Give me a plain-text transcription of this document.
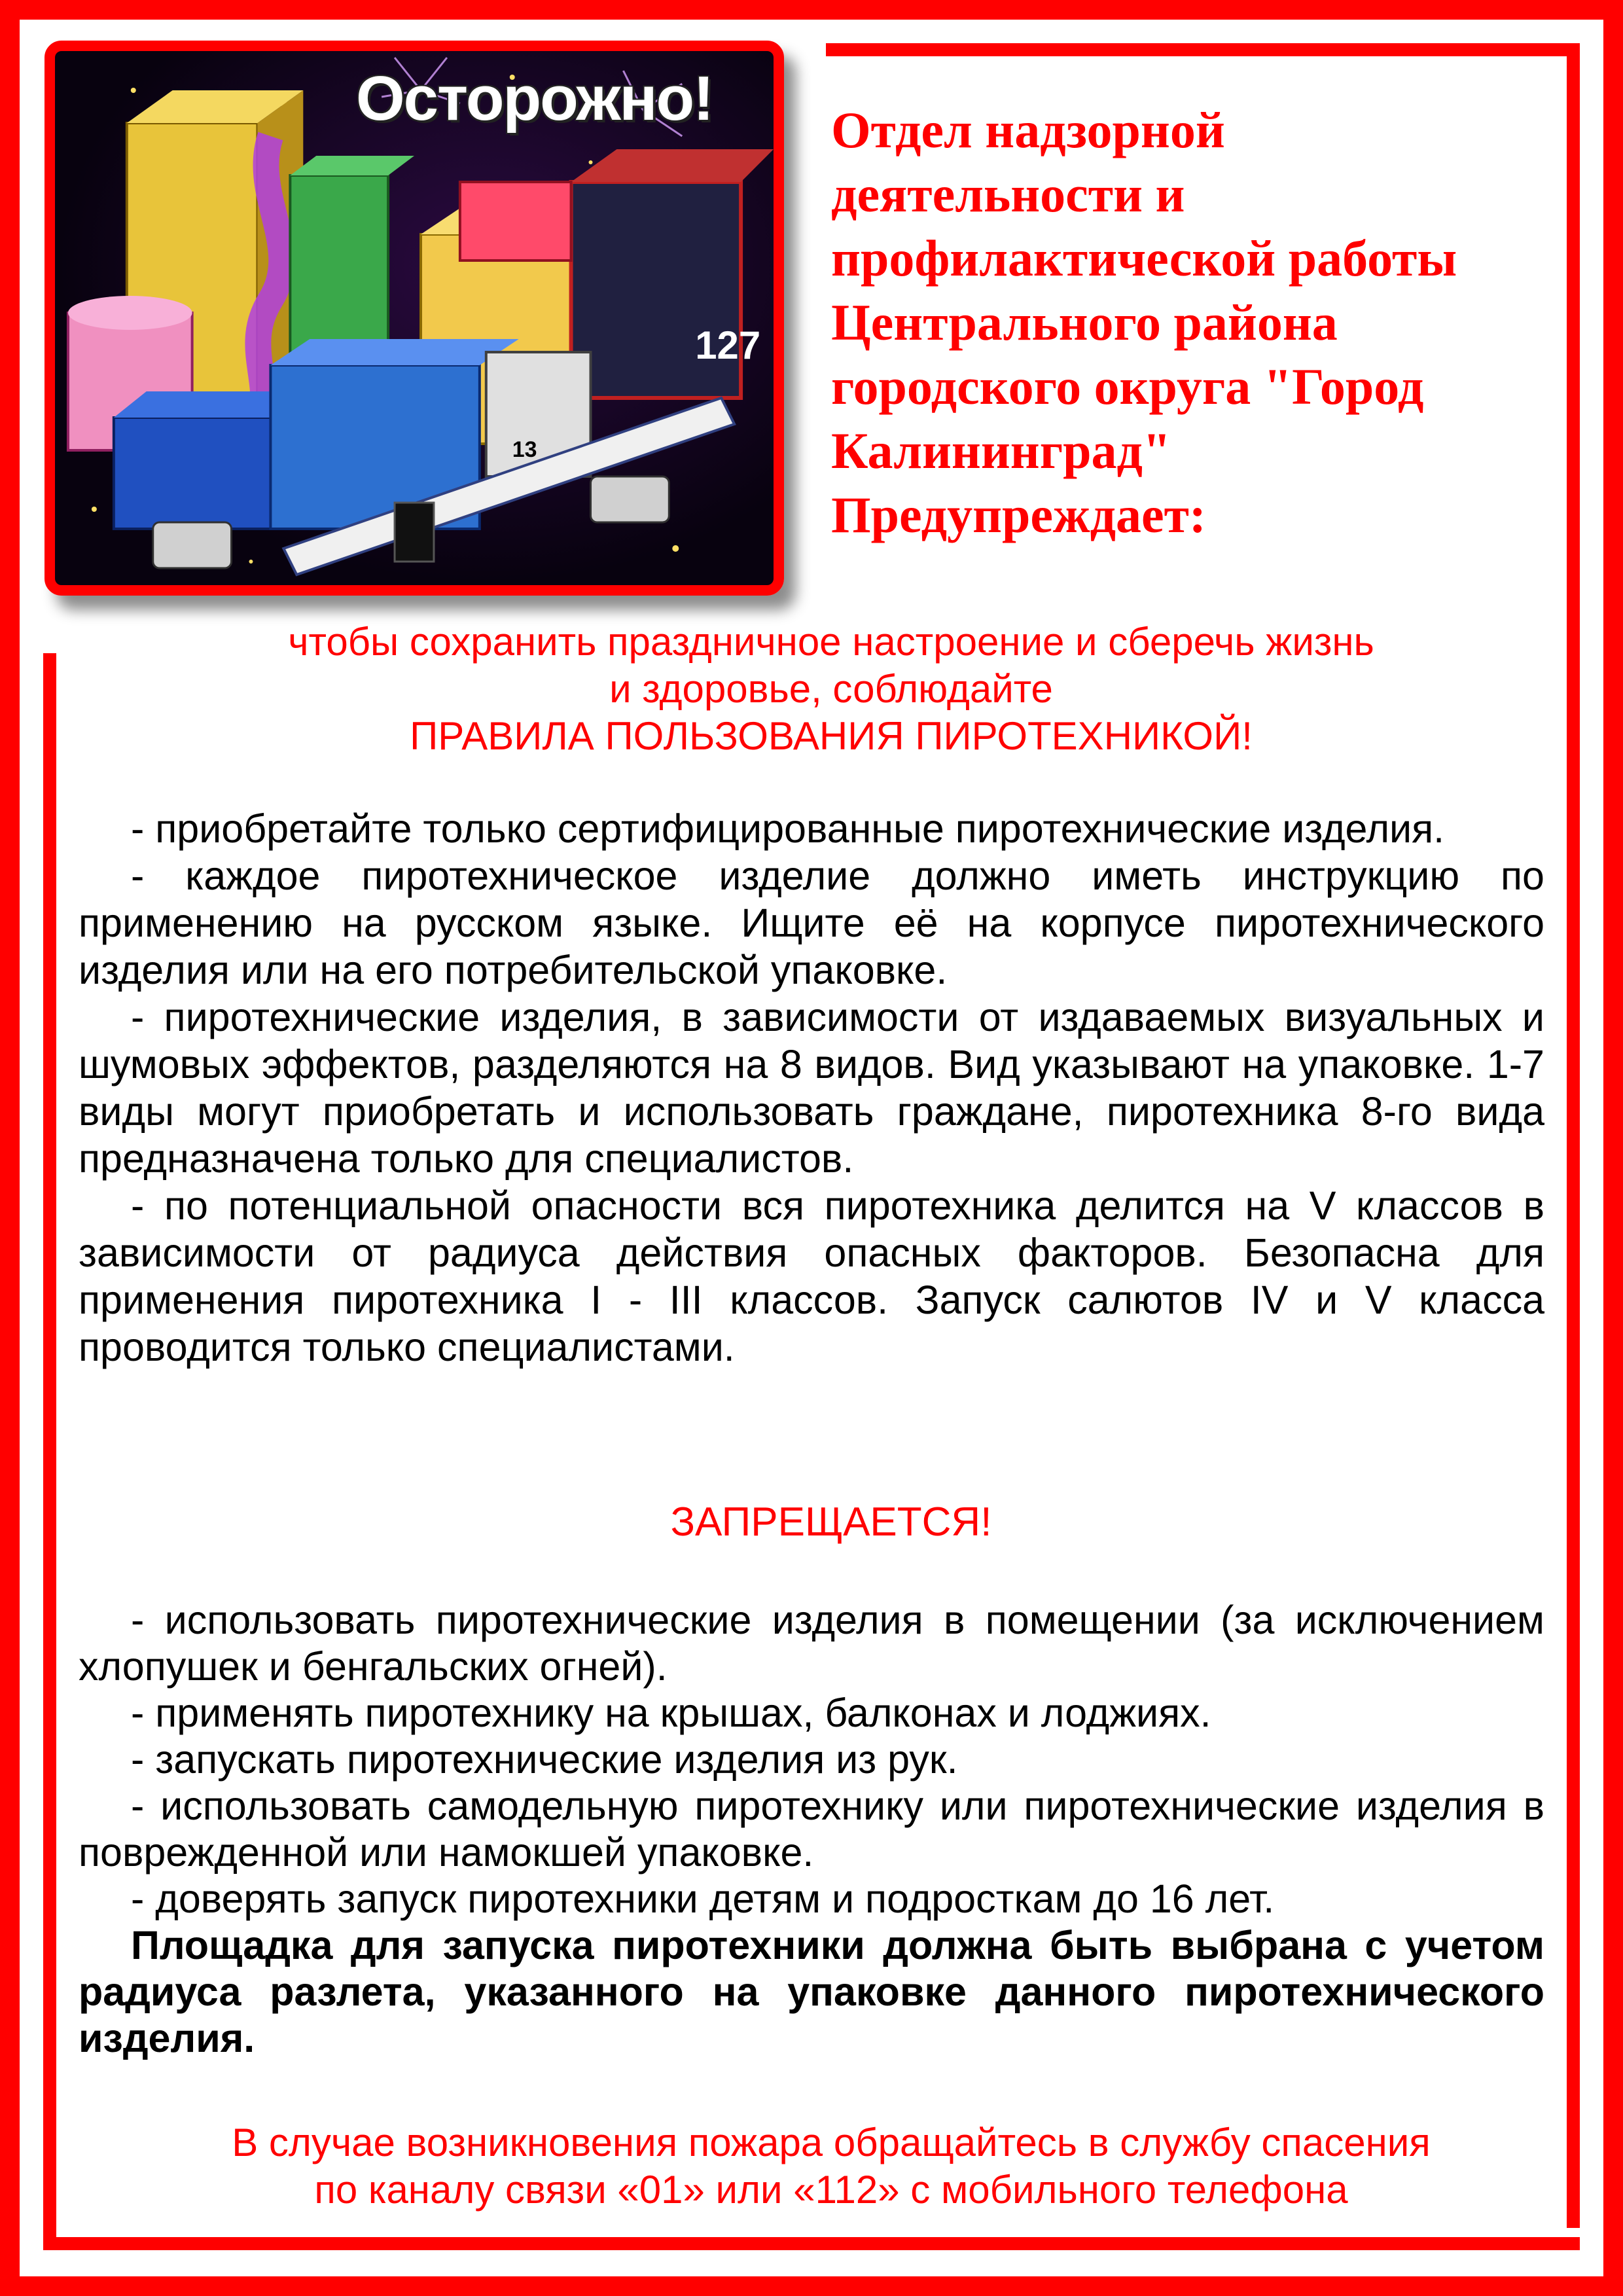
127
13
Осторожно! Отдел надзорной
деятельности и
профилактической работы
Центрального района
городского округа "Город
Калининград"
Предупреждает:
чтобы сохранить праздничное настроение и сберечь жизнь
и здоровье, соблюдайте
ПРАВИЛА ПОЛЬЗОВАНИЯ ПИРОТЕХНИКОЙ!

- приобретайте только сертифицированные пиротехнические изделия.

- каждое пиротехническое изделие должно иметь инструкцию по применению на русском языке. Ищите её на корпусе пиротехнического изделия или на его потребительской упаковке.

- пиротехнические изделия, в зависимости от издаваемых визуальных и шумовых эффектов, разделяются на 8 видов. Вид указывают на упаковке. 1-7 виды могут приобретать и использовать граждане, пиротехника 8-го вида предназначена только для специалистов.

- по потенциальной опасности вся пиротехника делится на V классов в зависимости от радиуса действия опасных факторов. Безопасна для применения пиротехника I - III классов. Запуск салютов IV и V класса проводится только специалистами.

ЗАПРЕЩАЕТСЯ!

- использовать пиротехнические изделия в помещении (за исключением хлопушек и бенгальских огней).

- применять пиротехнику на крышах, балконах и лоджиях.

- запускать пиротехнические изделия из рук.

- использовать самодельную пиротехнику или пиротехнические изделия в поврежденной или намокшей упаковке.

- доверять запуск пиротехники детям и подросткам до 16 лет.

Площадка для запуска пиротехники должна быть выбрана с учетом радиуса разлета, указанного на упаковке данного пиротехнического изделия.

В случае возникновения пожара обращайтесь в службу спасения
по каналу связи «01» или «112» с мобильного телефона
